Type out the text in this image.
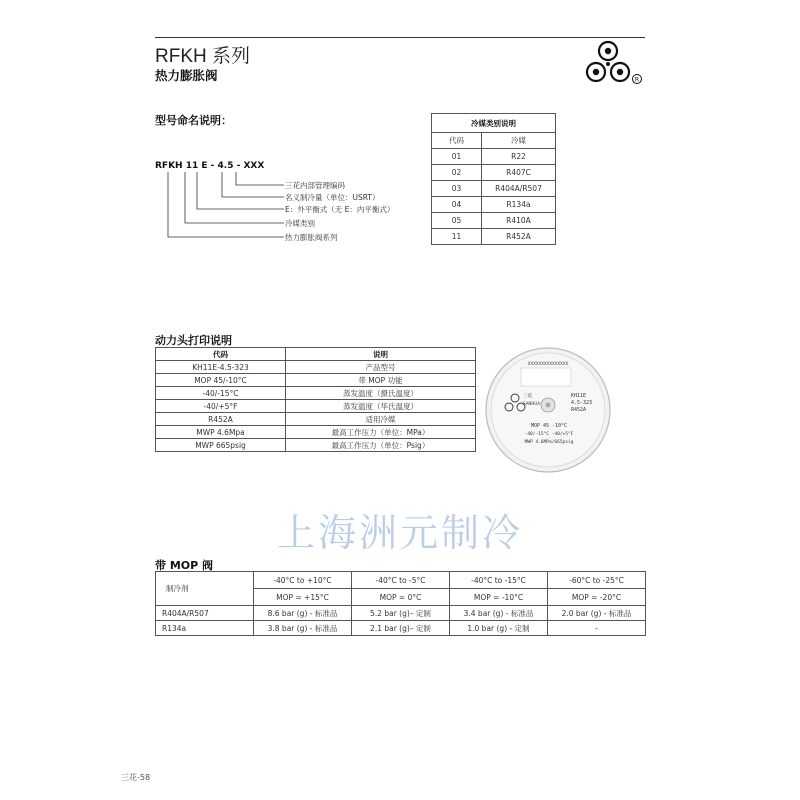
RFKH 系列
热力膨胀阀	R
型号命名说明：
RFKH 11 E - 4.5 - XXX
三花内部管理编码
名义制冷量（单位：USRT）
E：外平衡式（无 E：内平衡式）
冷媒类别
热力膨胀阀系列
冷媒类别说明	
代码	冷媒
01	R22
02	R407C
03	R404A/R507
04	R134a
05	R410A
11	R452A
动力头打印说明
代码	说明
KH11E-4.5-323	产品型号
MOP 45/-10°C	带 MOP 功能
-40/-15°C	蒸发温度（摄氏温度）
-40/+5°F	蒸发温度（华氏温度）
R452A	适用冷媒
MWP 4.6Mpa	最高工作压力（单位：MPa）
MWP 665psig	最高工作压力（单位：Psig）
XXXXXXXXXXXXXXX
三花
SANHUA
KH11E
4.5-323
R452A
MOP 45 -10°C
-40/-15°C -40/+5°F
MWP 4.6MPa/665psig
上海洲元制冷
带 MOP 阀
制冷剂	-40°C to +10°C	-40°C to -5°C	-40°C to -15°C	-60°C to -25°C
	MOP = +15°C	MOP = 0°C	MOP = -10°C	MOP = -20°C
R404A/R507	8.6 bar (g) - 标准品	5.2 bar (g)– 定制	3.4 bar (g) - 标准品	2.0 bar (g) - 标准品
R134a	3.8 bar (g) - 标准品	2.1 bar (g)– 定制	1.0 bar (g) - 定制	-
三花-58
